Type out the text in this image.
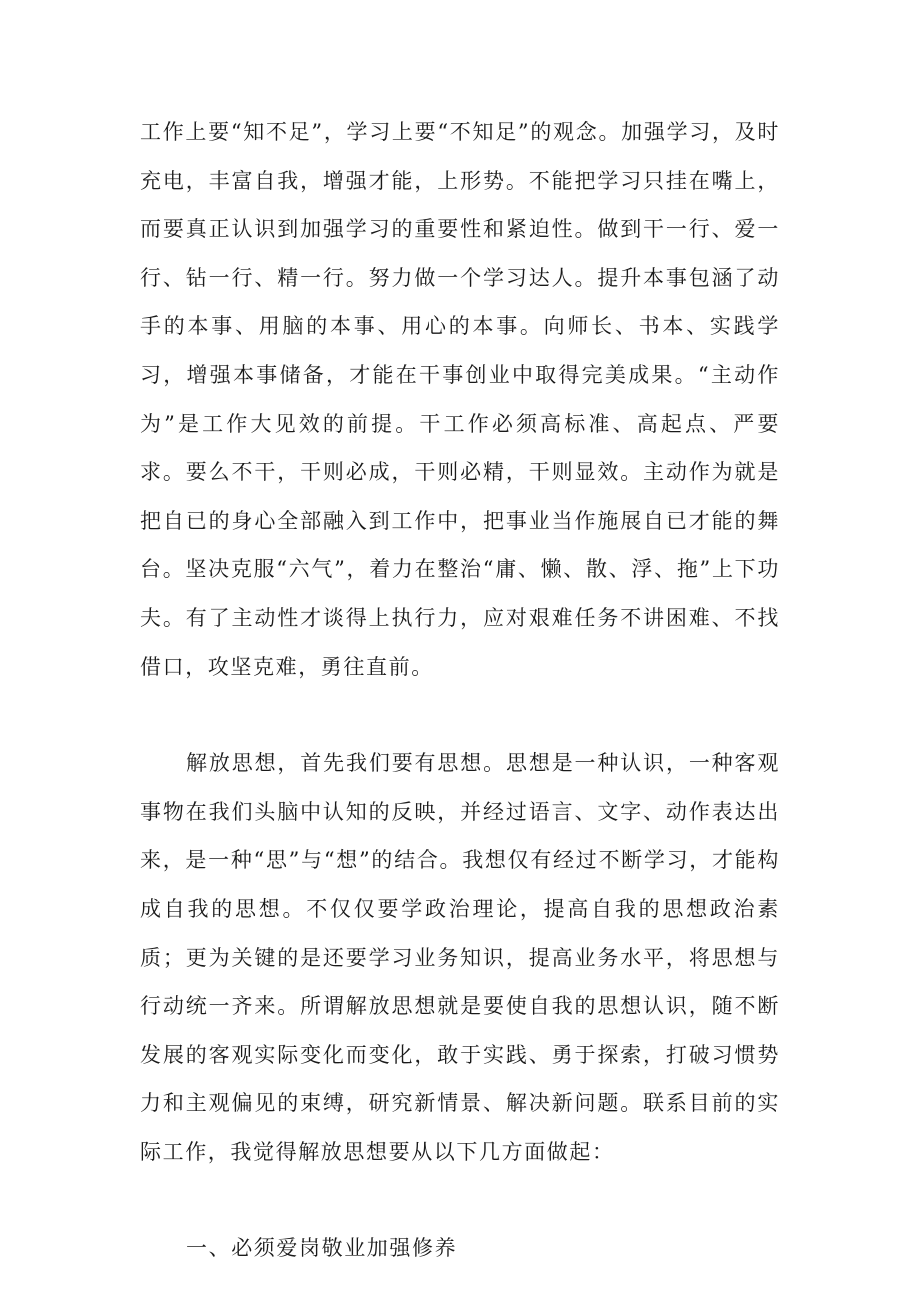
工作上要“知不足”，学习上要“不知足”的观念。加强学习，及时充电，丰富自我，增强才能，上形势。不能把学习只挂在嘴上，而要真正认识到加强学习的重要性和紧迫性。做到干一行、爱一行、钻一行、精一行。努力做一个学习达人。提升本事包涵了动手的本事、用脑的本事、用心的本事。向师长、书本、实践学习，增强本事储备，才能在干事创业中取得完美成果。“主动作为”是工作大见效的前提。干工作必须高标准、高起点、严要求。要么不干，干则必成，干则必精，干则显效。主动作为就是把自已的身心全部融入到工作中，把事业当作施展自已才能的舞台。坚决克服“六气”，着力在整治“庸、懒、散、浮、拖”上下功夫。有了主动性才谈得上执行力，应对艰难任务不讲困难、不找借口，攻坚克难，勇往直前。

解放思想，首先我们要有思想。思想是一种认识，一种客观事物在我们头脑中认知的反映，并经过语言、文字、动作表达出来，是一种“思”与“想”的结合。我想仅有经过不断学习，才能构成自我的思想。不仅仅要学政治理论，提高自我的思想政治素质；更为关键的是还要学习业务知识，提高业务水平，将思想与行动统一齐来。所谓解放思想就是要使自我的思想认识，随不断发展的客观实际变化而变化，敢于实践、勇于探索，打破习惯势力和主观偏见的束缚，研究新情景、解决新问题。联系目前的实际工作，我觉得解放思想要从以下几方面做起：

一、必须爱岗敬业加强修养
